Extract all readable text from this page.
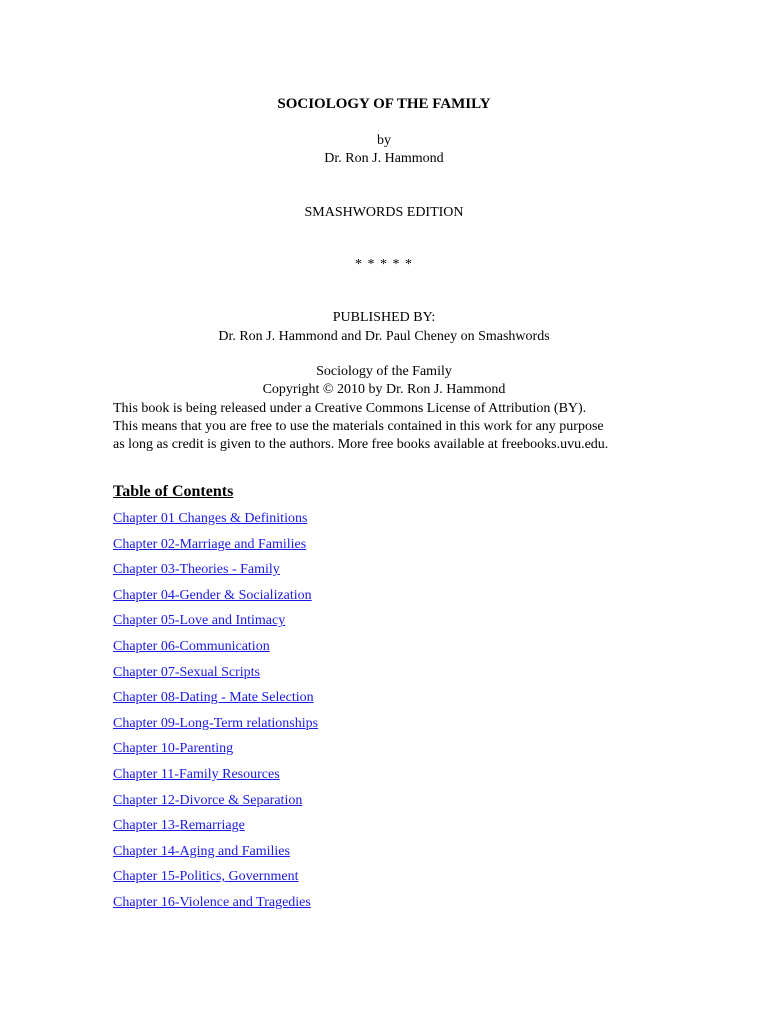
SOCIOLOGY OF THE FAMILY
by
Dr. Ron J. Hammond
SMASHWORDS EDITION
* * * * *
PUBLISHED BY:
Dr. Ron J. Hammond and Dr. Paul Cheney on Smashwords
Sociology of the Family
Copyright © 2010 by Dr. Ron J. Hammond
This book is being released under a Creative Commons License of Attribution (BY).
This means that you are free to use the materials contained in this work for any purpose
as long as credit is given to the authors. More free books available at freebooks.uvu.edu.
Table of Contents
Chapter 01 Changes & Definitions
Chapter 02-Marriage and Families
Chapter 03-Theories - Family
Chapter 04-Gender & Socialization
Chapter 05-Love and Intimacy
Chapter 06-Communication
Chapter 07-Sexual Scripts
Chapter 08-Dating - Mate Selection
Chapter 09-Long-Term relationships
Chapter 10-Parenting
Chapter 11-Family Resources
Chapter 12-Divorce & Separation
Chapter 13-Remarriage
Chapter 14-Aging and Families
Chapter 15-Politics, Government
Chapter 16-Violence and Tragedies
